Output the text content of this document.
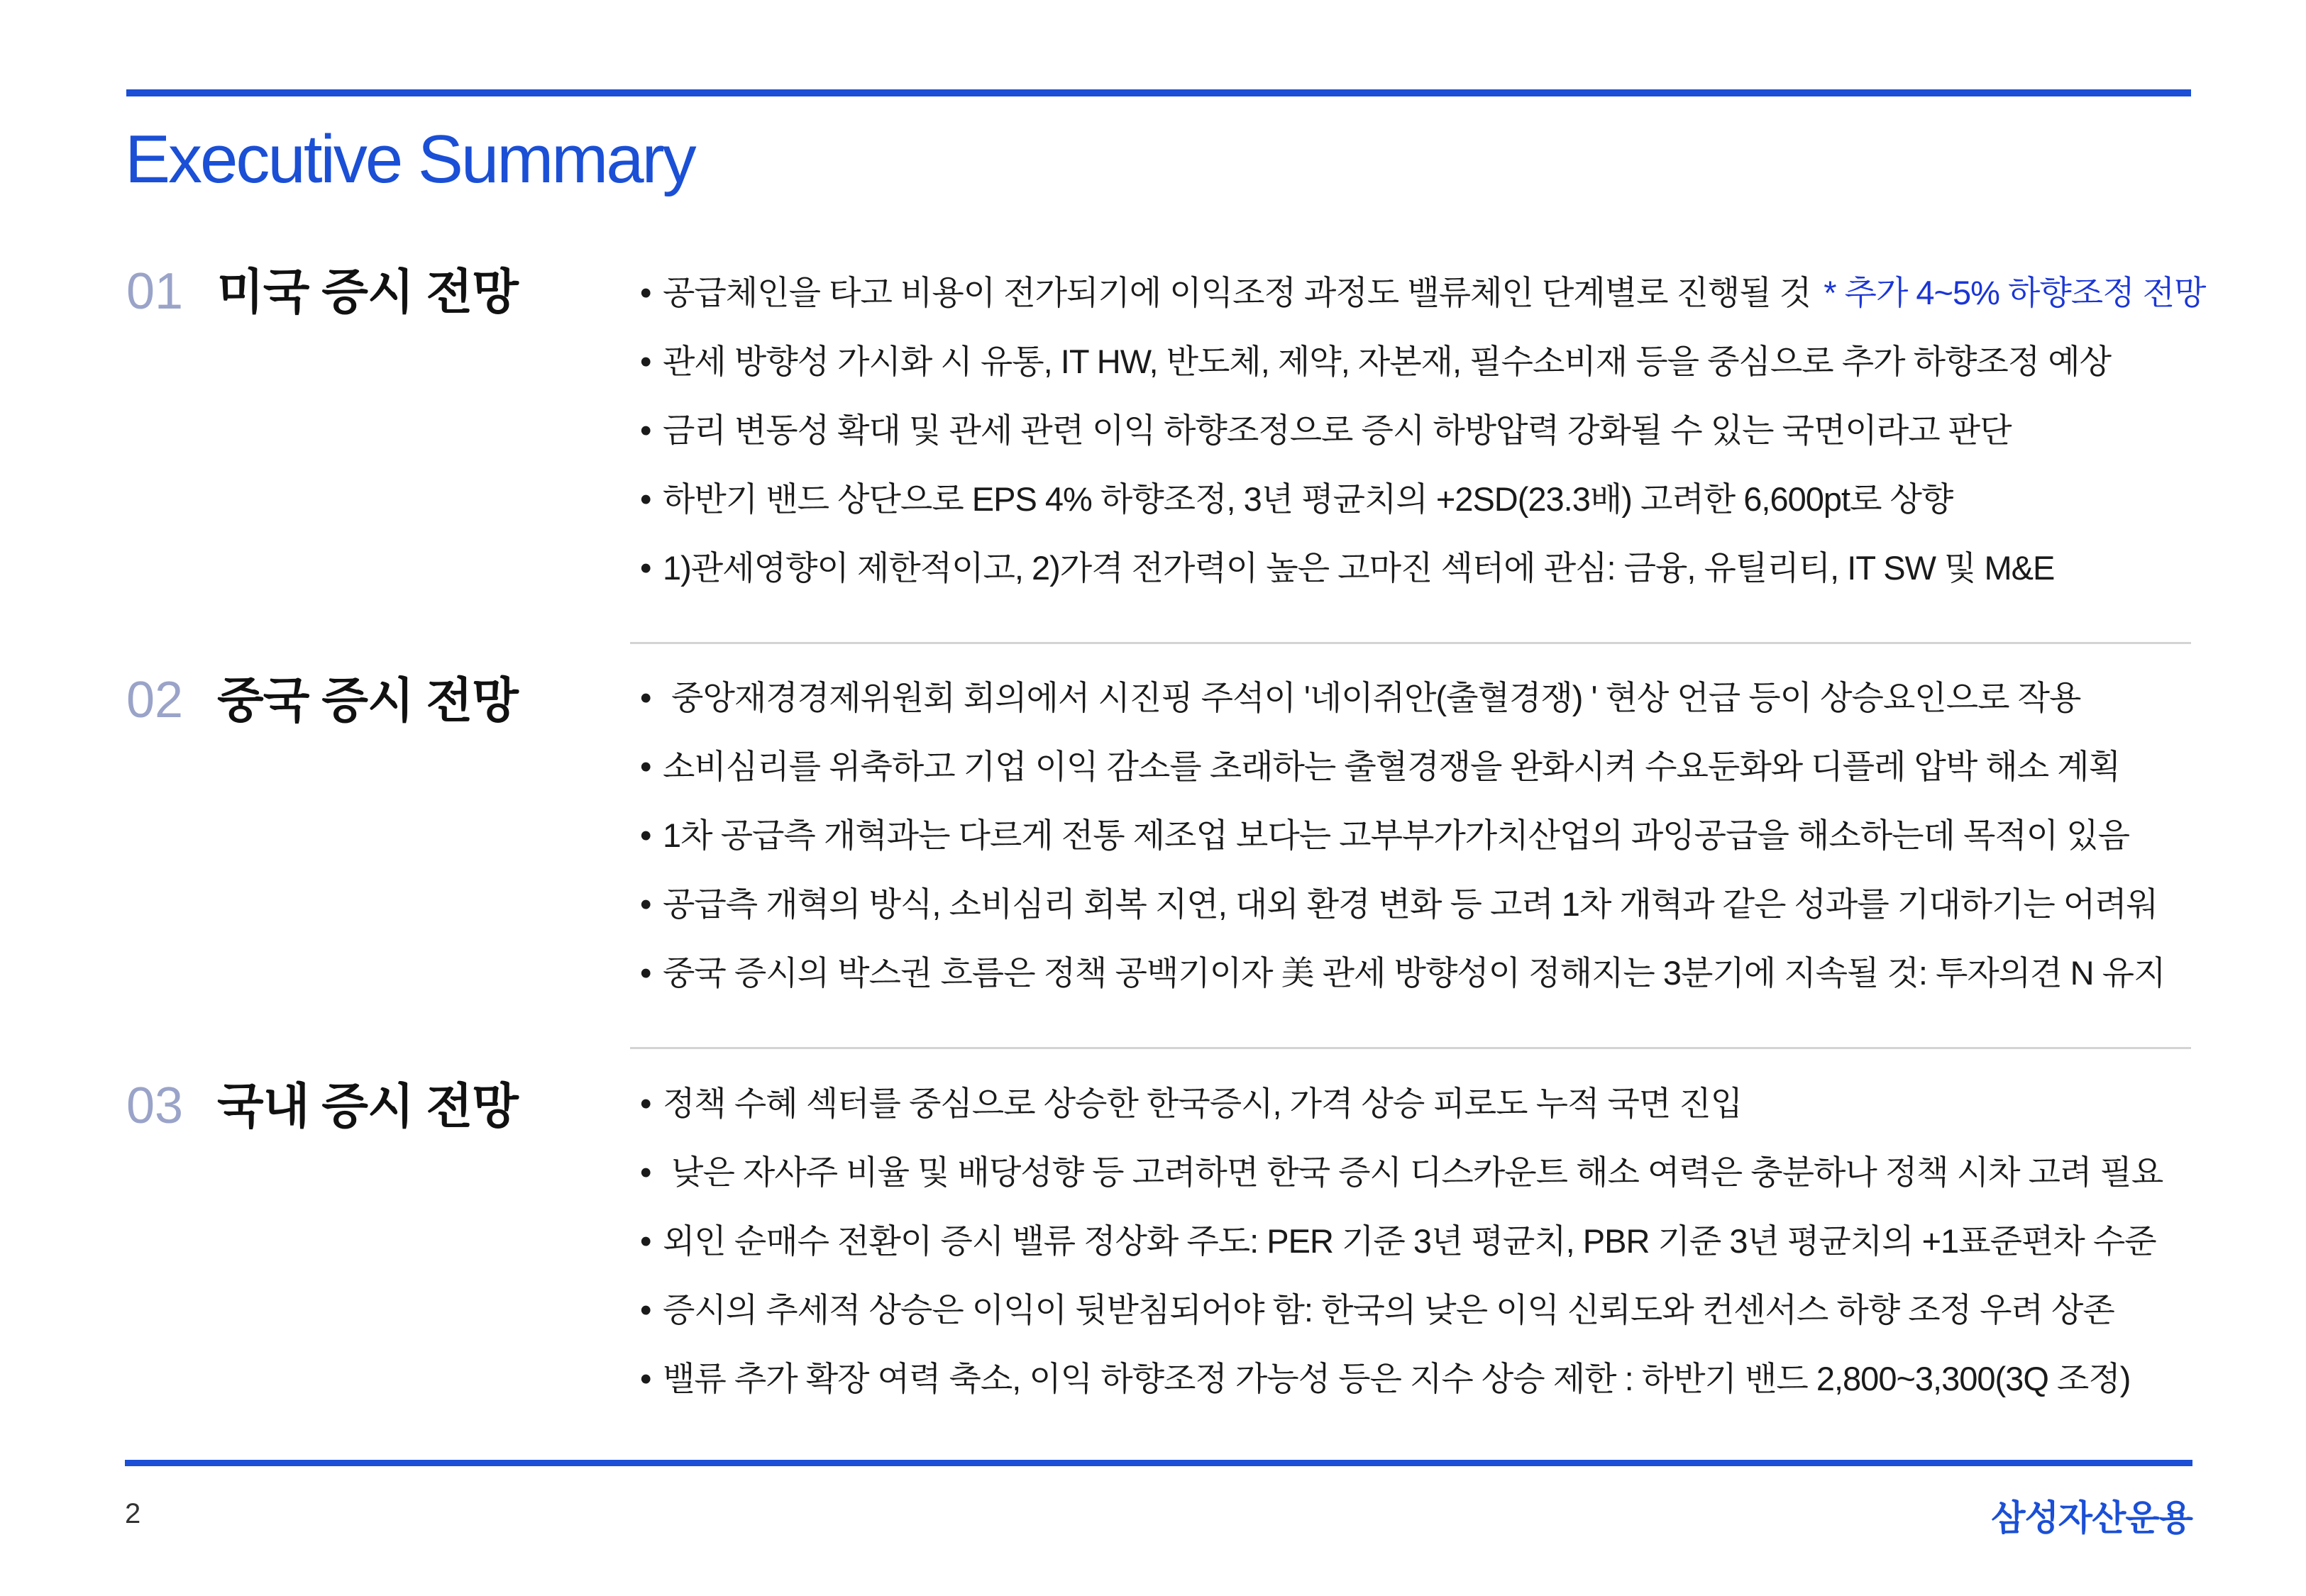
Executive Summary
01 미국 증시 전망	• 공급체인을 타고 비용이 전가되기에 이익조정 과정도 밸류체인 단계별로 진행될 것 * 추가 4~5% 하향조정 전망
• 관세 방향성 가시화 시 유통, IT HW, 반도체, 제약, 자본재, 필수소비재 등을 중심으로 추가 하향조정 예상
• 금리 변동성 확대 및 관세 관련 이익 하향조정으로 증시 하방압력 강화될 수 있는 국면이라고 판단
• 하반기 밴드 상단으로 EPS 4% 하향조정, 3년 평균치의 +2SD(23.3배) 고려한 6,600pt로 상향
• 1)관세영향이 제한적이고, 2)가격 전가력이 높은 고마진 섹터에 관심: 금융, 유틸리티, IT SW 및 M&E
02 중국 증시 전망	• 중앙재경경제위원회 회의에서 시진핑 주석이 '네이쥐안(출혈경쟁) ' 현상 언급 등이 상승요인으로 작용
• 소비심리를 위축하고 기업 이익 감소를 초래하는 출혈경쟁을 완화시켜 수요둔화와 디플레 압박 해소 계획
• 1차 공급측 개혁과는 다르게 전통 제조업 보다는 고부부가가치산업의 과잉공급을 해소하는데 목적이 있음
• 공급측 개혁의 방식, 소비심리 회복 지연, 대외 환경 변화 등 고려 1차 개혁과 같은 성과를 기대하기는 어려워
• 중국 증시의 박스권 흐름은 정책 공백기이자 美 관세 방향성이 정해지는 3분기에 지속될 것: 투자의견 N 유지
03 국내 증시 전망	• 정책 수혜 섹터를 중심으로 상승한 한국증시, 가격 상승 피로도 누적 국면 진입
• 낮은 자사주 비율 및 배당성향 등 고려하면 한국 증시 디스카운트 해소 여력은 충분하나 정책 시차 고려 필요
• 외인 순매수 전환이 증시 밸류 정상화 주도: PER 기준 3년 평균치, PBR 기준 3년 평균치의 +1표준편차 수준
• 증시의 추세적 상승은 이익이 뒷받침되어야 함: 한국의 낮은 이익 신뢰도와 컨센서스 하향 조정 우려 상존
• 밸류 추가 확장 여력 축소, 이익 하향조정 가능성 등은 지수 상승 제한 : 하반기 밴드 2,800~3,300(3Q 조정)
2	삼성자산운용
